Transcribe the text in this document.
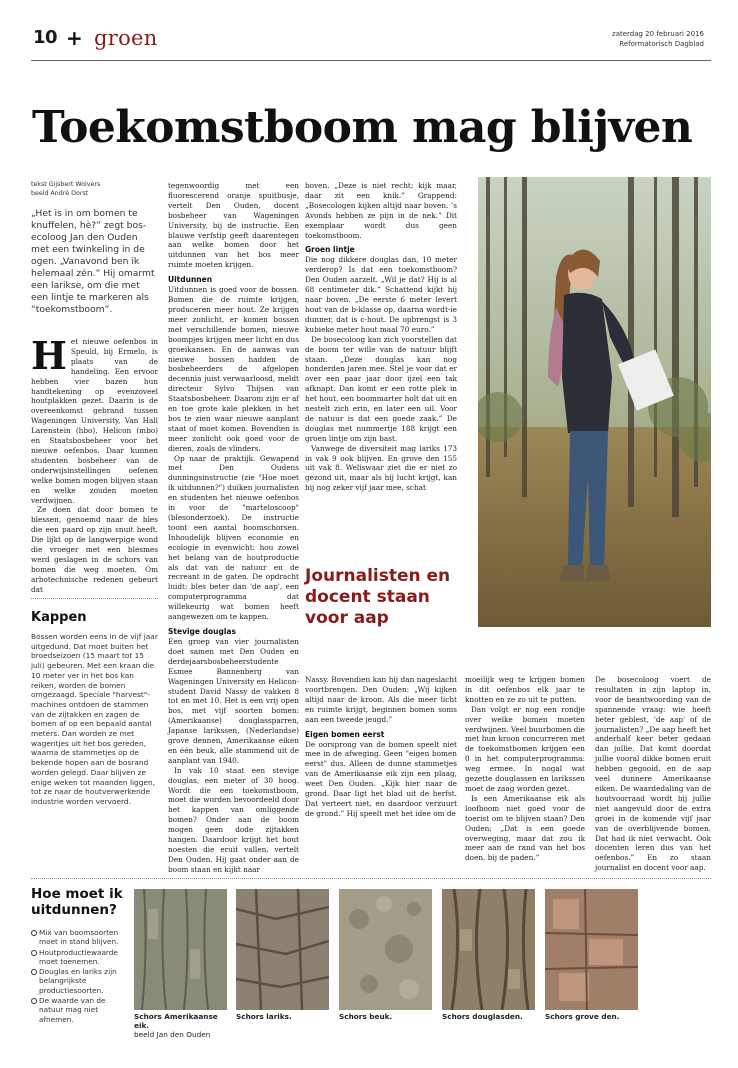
10 + groen	zaterdag 20 februari 2016
Reformatorisch Dagblad
Toekomstboom mag blijven
tekst Gijsbert Wolvers
beeld André Dorst
„Het is in om bomen te knuffelen, hè?” zegt bos-ecoloog Jan den Ouden met een twinkeling in de ogen. „Vanavond ben ik helemaal zén.” Hij omarmt een larikse, om die met een lintje te markeren als “toekomstboom”.

Het nieuwe oefenbos in Speuld, bij Ermelo, is plaats van de handeling. Een ervoor hebben vier bazen hun handtekening op evenzoveel houtplakken gezet. Daarin is de overeenkomst gebrand tussen Wageningen University, Van Hall Larenstein (hbo), Helicon (mbo) en Staatsbosbeheer voor het nieuwe oefenbos. Daar kunnen studenten bosbeheer van de onderwijsinstellingen oefenen welke bomen mogen blijven staan en welke zouden moeten verdwijnen.

Ze doen dat door bomen te blessen, genoemd naar de bles die een paard op zijn snuit heeft. Die lijkt op de langwerpige wond die vroeger met een blesmes werd geslagen in de schors van bomen die weg moeten. Om arbotechnische redenen gebeurt dat

Kappen
Bossen worden eens in de vijf jaar uitgedund. Dat moet buiten het broedseizoen (15 maart tot 15 juli) gebeuren. Met een kraan die 10 meter ver in het bos kan reiken, worden de bomen omgezaagd. Speciale "harvest"-machines ontdoen de stammen van de zijtakken en zagen de bomen af op een bepaald aantal meters. Dan worden ze met wagentjes uit het bos gereden, waarna de stammetjes op de bekende hopen aan de bosrand worden gelegd. Daar blijven ze enige weken tot maanden liggen, tot ze naar de houtverwerkende industrie worden vervoerd.

tegenwoordig met een fluorescerend oranje spuitbusje, vertelt Den Ouden, docent bosbeheer van Wageningen University, bij de instructie. Een blauwe verfstip geeft daarentegen aan welke bomen door het uitdunnen van het bos meer ruimte moeten krijgen.

Uitdunnen

Uitdunnen is goed voor de bossen. Bomen die de ruimte krijgen, produceren meer hout. Ze krijgen meer zonlicht, er komen bossen met verschillende bomen, nieuwe boompjes krijgen meer licht en dus groeikansen. En de aanwas van nieuwe bossen hadden de bosbeheerders de afgelopen decennia juist verwaarloosd, meldt directeur Sylvo Thijsen van Staatsbosbeheer. Daarom zijn er af en toe grote kale plekken in het bos te zien waar nieuwe aanplant staat of moet komen. Bovendien is meer zonlicht ook goed voor de dieren, zoals de vlinders.

Op naar de praktijk. Gewapend met Den Oudens dunningsinstructie (zie "Hoe moet ik uitdunnen?") duiken journalisten en studenten het nieuwe oefenbos in voor de "marteloscoop" (blesonderzoek). De instructie toont een aantal boomschorsen. Inhoudelijk blijven economie en ecologie in evenwicht: hou zowel het belang van de houtproductie als dat van de natuur en de recreant in de gaten. De opdracht luidt: bles beter dan 'de aap', een computerprogramma dat willekeurig wat bomen heeft aangewezen om te kappen.

Stevige douglas

Een groep van vier journalisten doet samen met Den Ouden en derdejaarsbosbeheerstudente Esmee Bannenberg van Wageningen University en Helicon-student David Nassy de vakken 8 tot en met 10. Het is een vrij open bos, met vijf soorten bomen: (Amerikaanse) douglassparren, Japanse larikssen, (Nederlandse) grove dennen, Amerikaanse eiken en één beuk, alle stammend uit de aanplant van 1940.

In vak 10 staat een stevige douglas, een meter of 30 hoog. Wordt die een toekomstboom, moet die worden bevoordeeld door het kappen van omliggende bomen? Onder aan de boom mogen geen dode zijtakken hangen. Daardoor krijgt het hout noesten die eruit vallen, vertelt Den Ouden. Hij gaat onder aan de boom staan en kijkt naar

boven. „Deze is niet recht; kijk maar, daar zit een knik.” Grappend: „Bosecologen kijken altijd naar boven. ’s Avonds hebben ze pijn in de nek.” Dit exemplaar wordt dus geen toekomstboom.

Groen lintje

Die nog dikkere douglas dan, 10 meter verderop? Is dat een toekomstboom? Den Ouden aarzelt. „Wil je dat? Hij is al 68 centimeter dik.” Schattend kijkt hij naar boven. „De eerste 6 meter levert hout van de b-klasse op, daarna wordt-ie dunner, dat is c-hout. De opbrengst is 3 kubieke meter hout maal 70 euro.”

De bosecoloog kan zich voorstellen dat de boom ter wille van de natuur blijft staan. „Deze douglas kan nog honderden jaren mee. Stel je voor dat er over een paar jaar door ijzel een tak afknapt. Dan komt er een rotte plek in het hout, een boommarter holt dat uit en nestelt zich erin, en later een uil. Voor de natuur is dat een goede zaak.” De douglas met nummertje 188 krijgt een groen lintje om zijn bast.

Vanwege de diversiteit mag lariks 173 in vak 9 ook blijven. En grove den 155 uit vak 8. Weliswaar ziet die er niet zo gezond uit, maar als hij lucht krijgt, kan hij nog zeker vijf jaar mee, schat

Journalisten en docent staan voor aap

Nassy. Bovendien kan hij dan nageslacht voortbrengen. Den Ouden: „Wij kijken altijd naar de kroon. Als die meer licht en ruimte krijgt, beginnen bomen soms aan een tweede jeugd.”

Eigen bomen eerst

De oorsprong van de bomen speelt niet mee in de afweging. Geen "eigen bomen eerst" dus. Alleen de dunne stammetjes van de Amerikaanse eik zijn een plaag, weet Den Ouden. „Kijk hier naar de grond. Daar ligt het blad uit de herfst. Dat verteert niet, en daardoor verzuurt de grond.” Hij speelt met het idee om de

moeilijk weg te krijgen bomen in dit oefenbos elk jaar te knotten en ze zo uit te putten.

Dan volgt er nog een rondje over welke bomen moeten verdwijnen. Veel buurbomen die met hun kroon concurreren met de toekomstbomen krijgen een 0 in het computerprogramma: weg ermee. In nogal wat gezette douglassen en larikssen moet de zaag worden gezet.

Is een Amerikaanse eik als loofboom niet goed voor de toerist om te blijven staan? Den Ouden: „Dat is een goede overweging, maar dat zou ik meer aan de rand van het bos doen, bij de paden.”

De bosecoloog voert de resultaten in zijn laptop in, voor de beantwoording van de spannende vraag: wie heeft beter geblest, 'de aap' of de journalisten? „De aap heeft het anderhalf keer beter gedaan dan jullie. Dat komt doordat jullie vooral dikke bomen eruit hebben gegooid, en de aap veel dunnere Amerikaanse eiken. De waardedaling van de houtvoorraad wordt bij jullie niet aangevuld door de extra groei in de komende vijf jaar van de overblijvende bomen. Dat had ik niet verwacht. Ook docenten leren dus van het oefenbos.” En zo staan journalist en docent voor aap.

Hoe moet ik uitdunnen?
Mix van boomsoorten moet in stand blijven.
Houtproductiewaarde moet toenemen.
Douglas en lariks zijn belangrijkste productiesoorten.
De waarde van de natuur mag niet afnemen.	Schors Amerikaanse eik.
beeld Jan den Ouden
Schors lariks.	Schors beuk.	Schors douglasden.	Schors grove den.
